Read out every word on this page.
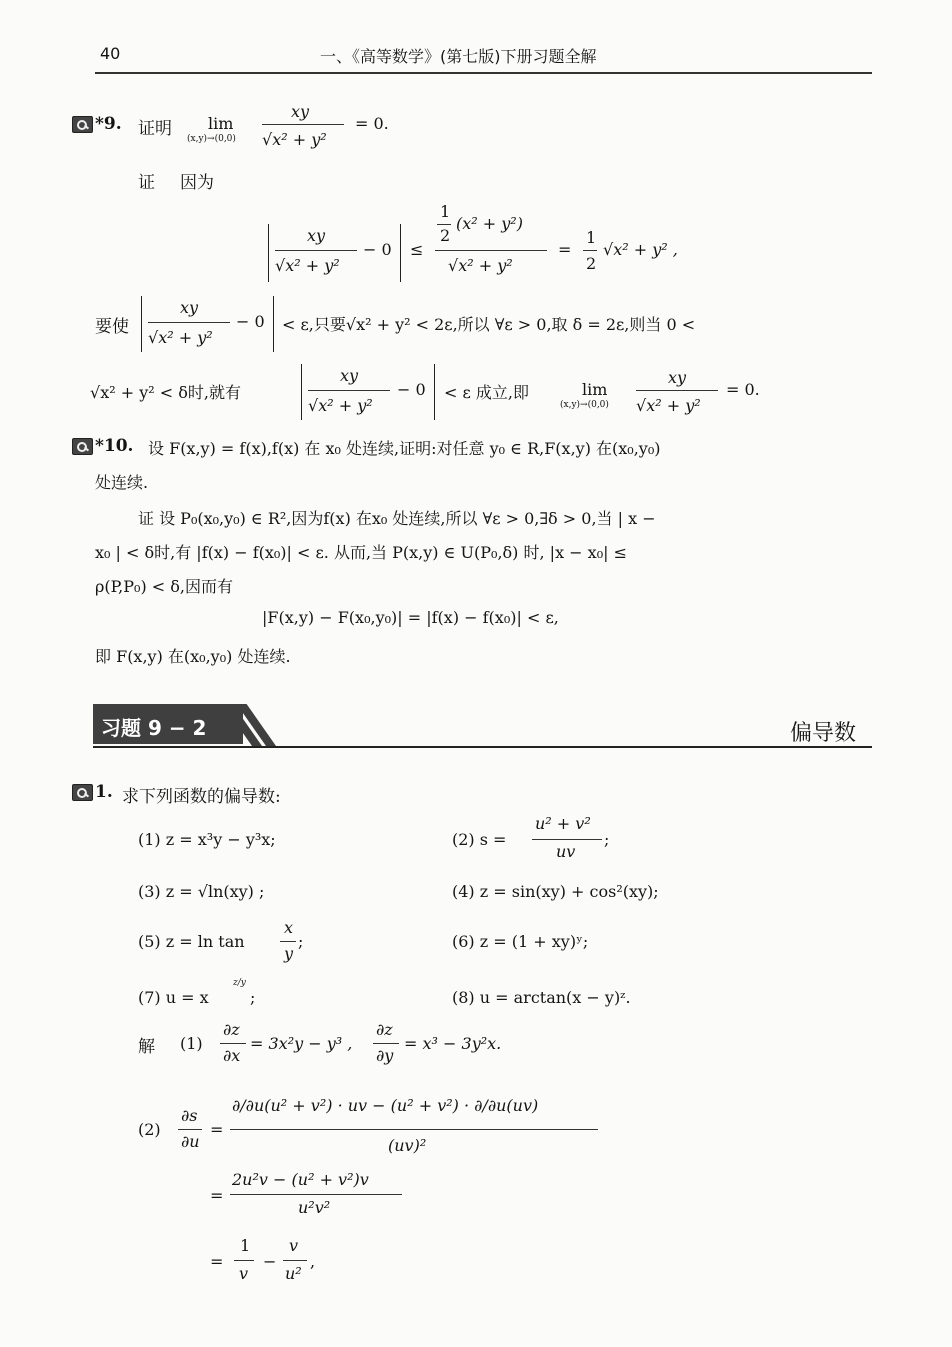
40	一、《高等数学》(第七版)下册习题全解
*9. 证明 lim
(x,y)→(0,0)
xy
√x² + y²
= 0.
证 因为
xy
√x² + y²
− 0 ≤
1
2
(x² + y²)
√x² + y²
=
1
2
√x² + y² ,
要使
xy
√x² + y²
− 0 < ε,只要√x² + y² < 2ε,所以 ∀ε > 0,取 δ = 2ε,则当 0 <
√x² + y² < δ时,就有
xy
√x² + y²
− 0 < ε 成立,即	lim
(x,y)→(0,0)
xy
√x² + y²
= 0.
*10. 设 F(x,y) = f(x),f(x) 在 x₀ 处连续,证明:对任意 y₀ ∈ R,F(x,y) 在(x₀,y₀)
处连续.
证 设 P₀(x₀,y₀) ∈ R²,因为f(x) 在x₀ 处连续,所以 ∀ε > 0,∃δ > 0,当 | x −
x₀ | < δ时,有 |f(x) − f(x₀)| < ε. 从而,当 P(x,y) ∈ U(P₀,δ) 时, |x − x₀| ≤
ρ(P,P₀) < δ,因而有
|F(x,y) − F(x₀,y₀)| = |f(x) − f(x₀)| < ε,
即 F(x,y) 在(x₀,y₀) 处连续.
习题 9 − 2	偏导数
1. 求下列函数的偏导数:
(1) z = x³y − y³x;	(2) s =
u² + v²
uv
;
(3) z = √ln(xy) ;	(4) z = sin(xy) + cos²(xy);
(5) z = ln tan
x
y
;	(6) z = (1 + xy)ʸ;
(7) u = x
z/y
;	(8) u = arctan(x − y)ᶻ.
解 (1)
∂z
∂x
= 3x²y − y³ ,
∂z
∂y
= x³ − 3y²x.
(2)
∂s
∂u
=
∂/∂u(u² + v²) · uv − (u² + v²) · ∂/∂u(uv)
(uv)²
=
2u²v − (u² + v²)v
u²v²
=
1
v
−
v
u²
,
